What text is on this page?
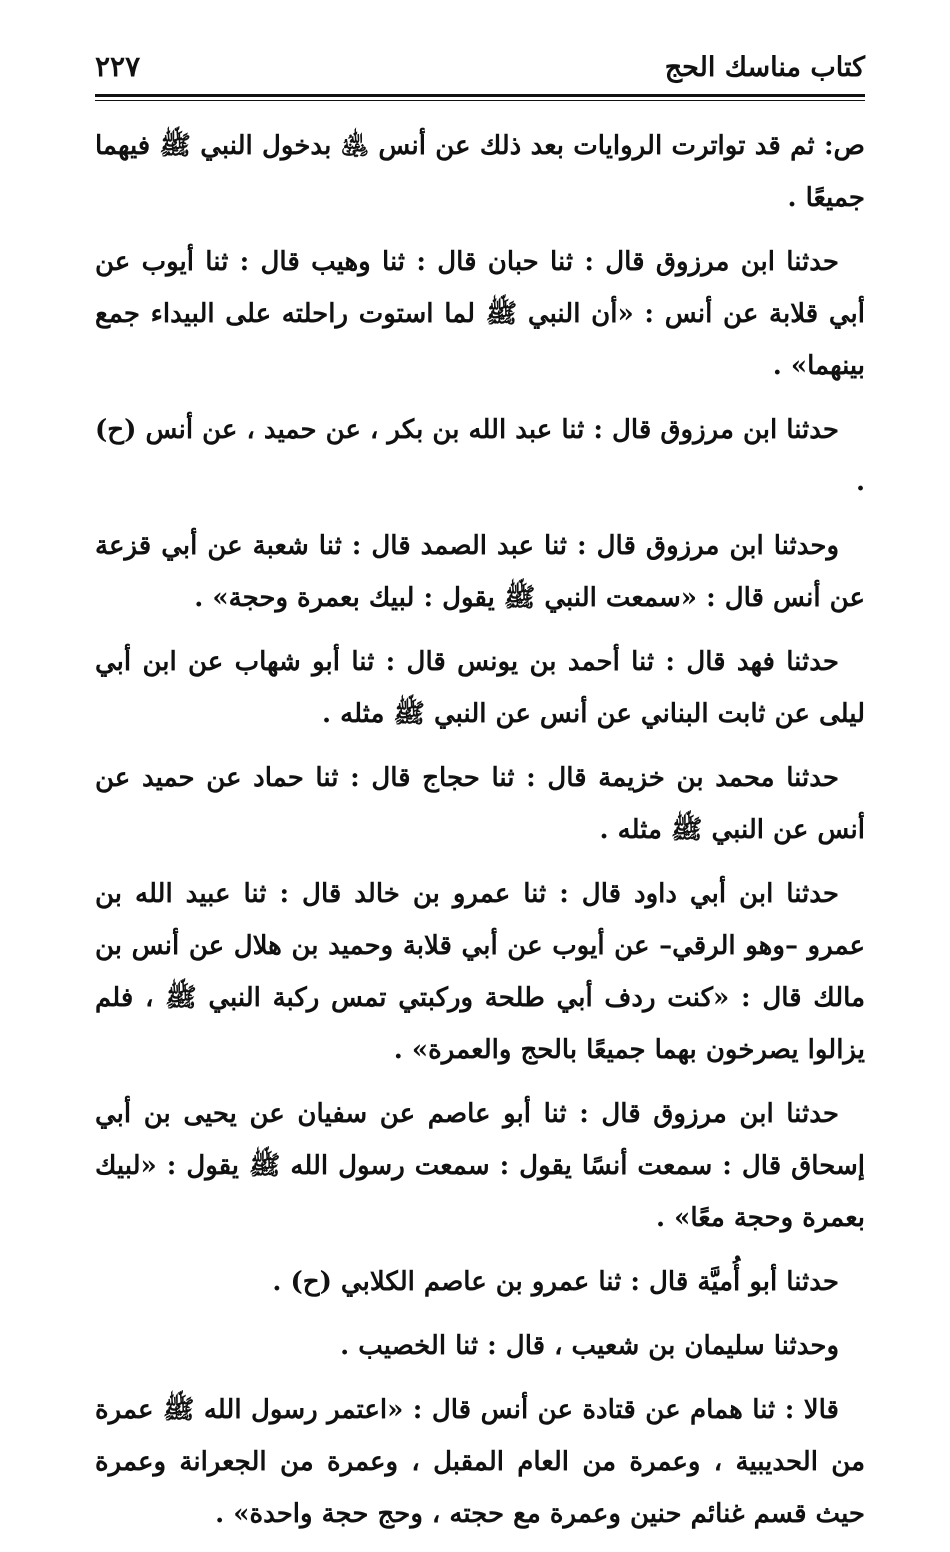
كتاب مناسك الحج
٢٢٧

ص: ثم قد تواترت الروايات بعد ذلك عن أنس ﵁ بدخول النبي ﷺ فيهما جميعًا .

حدثنا ابن مرزوق قال : ثنا حبان قال : ثنا وهيب قال : ثنا أيوب عن أبي قلابة عن أنس : «أن النبي ﷺ لما استوت راحلته على البيداء جمع بينهما» .

حدثنا ابن مرزوق قال : ثنا عبد الله بن بكر ، عن حميد ، عن أنس (ح) .

وحدثنا ابن مرزوق قال : ثنا عبد الصمد قال : ثنا شعبة عن أبي قزعة عن أنس قال : «سمعت النبي ﷺ يقول : لبيك بعمرة وحجة» .

حدثنا فهد قال : ثنا أحمد بن يونس قال : ثنا أبو شهاب عن ابن أبي ليلى عن ثابت البناني عن أنس عن النبي ﷺ مثله .

حدثنا محمد بن خزيمة قال : ثنا حجاج قال : ثنا حماد عن حميد عن أنس عن النبي ﷺ مثله .

حدثنا ابن أبي داود قال : ثنا عمرو بن خالد قال : ثنا عبيد الله بن عمرو –وهو الرقي– عن أيوب عن أبي قلابة وحميد بن هلال عن أنس بن مالك قال : «كنت ردف أبي طلحة وركبتي تمس ركبة النبي ﷺ ، فلم يزالوا يصرخون بهما جميعًا بالحج والعمرة» .

حدثنا ابن مرزوق قال : ثنا أبو عاصم عن سفيان عن يحيى بن أبي إسحاق قال : سمعت أنسًا يقول : سمعت رسول الله ﷺ يقول : «لبيك بعمرة وحجة معًا» .

حدثنا أبو أُميَّة قال : ثنا عمرو بن عاصم الكلابي (ح) .

وحدثنا سليمان بن شعيب ، قال : ثنا الخصيب .

قالا : ثنا همام عن قتادة عن أنس قال : «اعتمر رسول الله ﷺ عمرة من الحديبية ، وعمرة من العام المقبل ، وعمرة من الجعرانة وعمرة حيث قسم غنائم حنين وعمرة مع حجته ، وحج حجة واحدة» .
